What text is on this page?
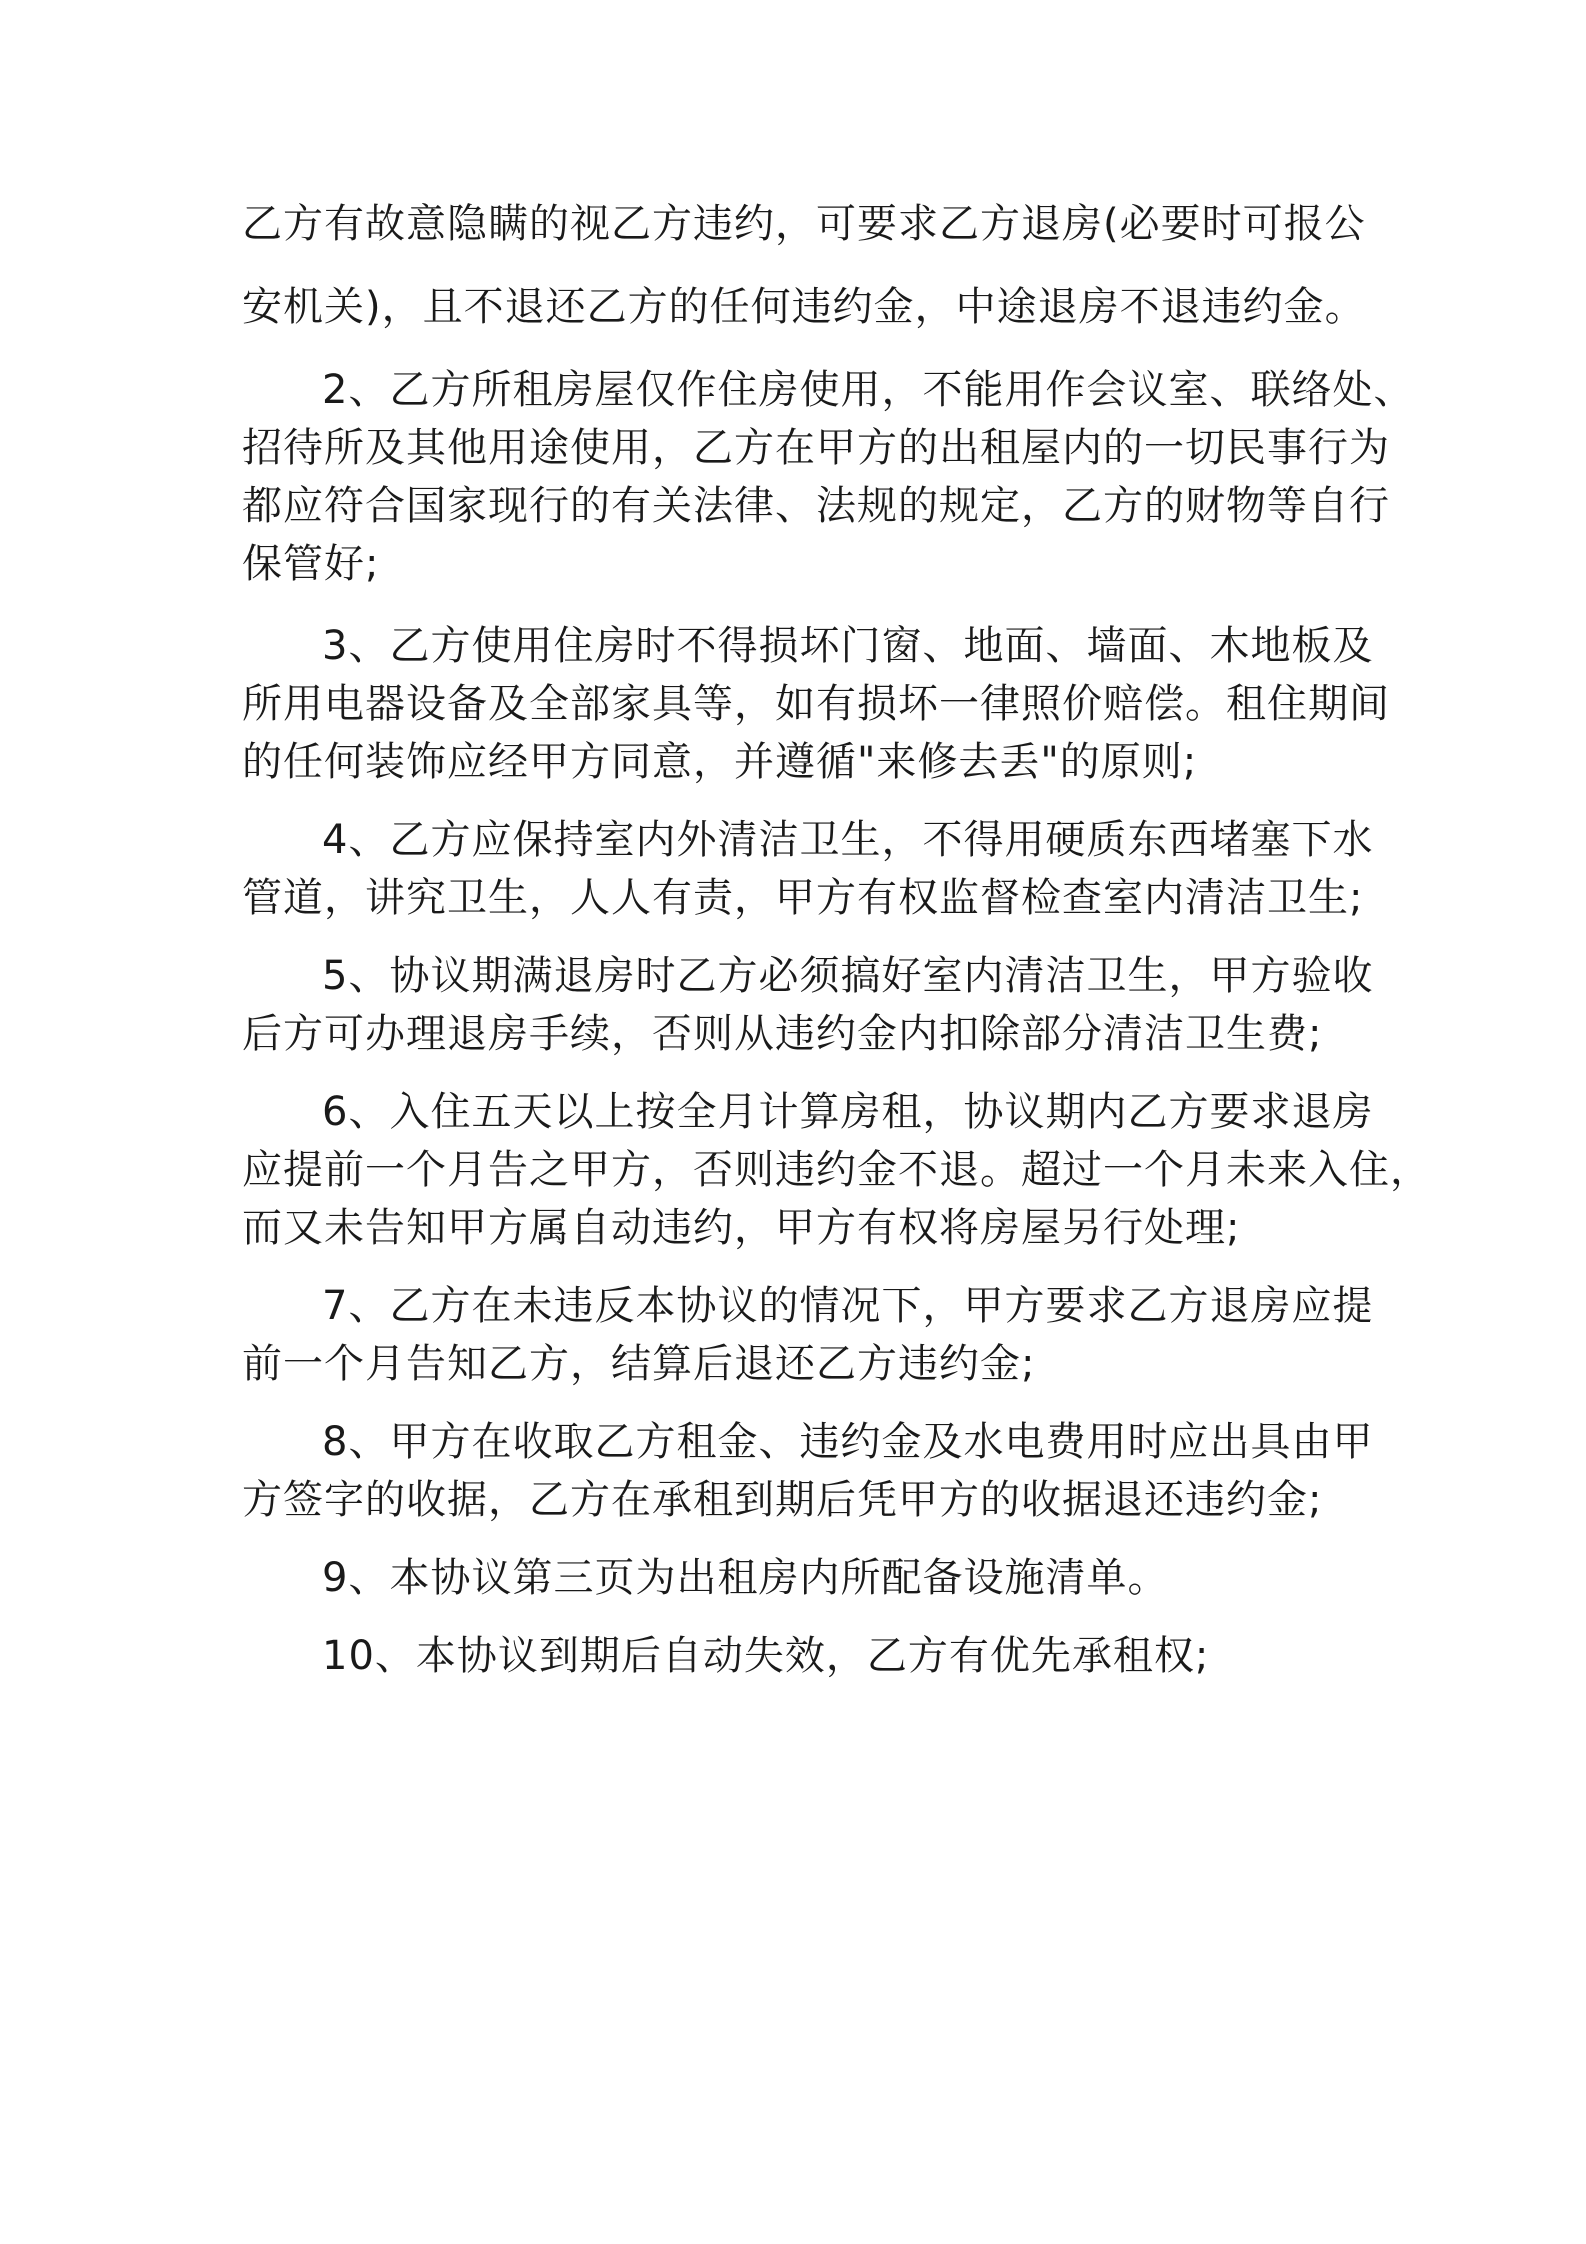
乙方有故意隐瞒的视乙方违约，可要求乙方退房(必要时可报公
安机关)，且不退还乙方的任何违约金，中途退房不退违约金。
2、乙方所租房屋仅作住房使用，不能用作会议室、联络处、
招待所及其他用途使用，乙方在甲方的出租屋内的一切民事行为
都应符合国家现行的有关法律、法规的规定，乙方的财物等自行
保管好;
3、乙方使用住房时不得损坏门窗、地面、墙面、木地板及
所用电器设备及全部家具等，如有损坏一律照价赔偿。租住期间
的任何装饰应经甲方同意，并遵循"来修去丢"的原则;
4、乙方应保持室内外清洁卫生，不得用硬质东西堵塞下水
管道，讲究卫生，人人有责，甲方有权监督检查室内清洁卫生;
5、协议期满退房时乙方必须搞好室内清洁卫生，甲方验收
后方可办理退房手续，否则从违约金内扣除部分清洁卫生费;
6、入住五天以上按全月计算房租，协议期内乙方要求退房
应提前一个月告之甲方，否则违约金不退。超过一个月未来入住，
而又未告知甲方属自动违约，甲方有权将房屋另行处理;
7、乙方在未违反本协议的情况下，甲方要求乙方退房应提
前一个月告知乙方，结算后退还乙方违约金;
8、甲方在收取乙方租金、违约金及水电费用时应出具由甲
方签字的收据，乙方在承租到期后凭甲方的收据退还违约金;
9、本协议第三页为出租房内所配备设施清单。
10、本协议到期后自动失效，乙方有优先承租权;
